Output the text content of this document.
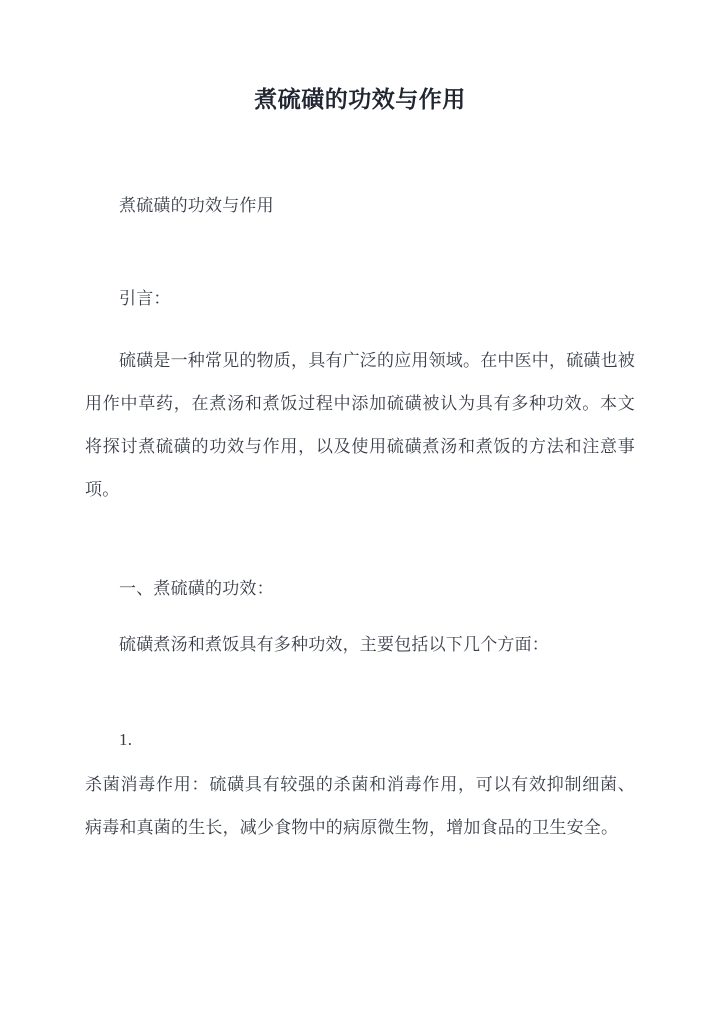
煮硫磺的功效与作用

煮硫磺的功效与作用

引言：

硫磺是一种常见的物质，具有广泛的应用领域。在中医中，硫磺也被用作中草药，在煮汤和煮饭过程中添加硫磺被认为具有多种功效。本文将探讨煮硫磺的功效与作用，以及使用硫磺煮汤和煮饭的方法和注意事项。

一、煮硫磺的功效：

硫磺煮汤和煮饭具有多种功效，主要包括以下几个方面：

1.

杀菌消毒作用：硫磺具有较强的杀菌和消毒作用，可以有效抑制细菌、病毒和真菌的生长，减少食物中的病原微生物，增加食品的卫生安全。
